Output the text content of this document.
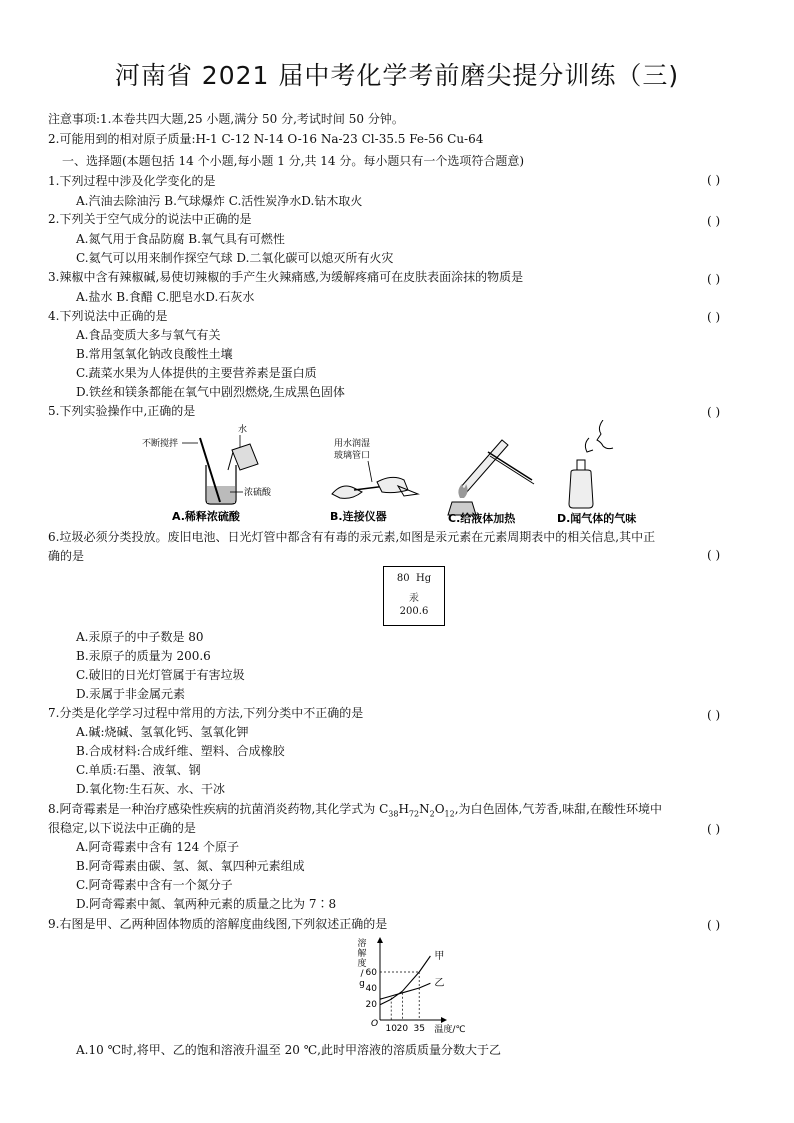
河南省 2021 届中考化学考前磨尖提分训练（三)
注意事项:1.本卷共四大题,25 小题,满分 50 分,考试时间 50 分钟。
2.可能用到的相对原子质量:H-1 C-12 N-14 O-16 Na-23 Cl-35.5 Fe-56 Cu-64
一、选择题(本题包括 14 个小题,每小题 1 分,共 14 分。每小题只有一个选项符合题意)
1.下列过程中涉及化学变化的是	( )
A.汽油去除油污 B.气球爆炸 C.活性炭净水D.钻木取火
2.下列关于空气成分的说法中正确的是	( )
A.氮气用于食品防腐 B.氧气具有可燃性
C.氦气可以用来制作探空气球 D.二氧化碳可以熄灭所有火灾
3.辣椒中含有辣椒碱,易使切辣椒的手产生火辣痛感,为缓解疼痛可在皮肤表面涂抹的物质是	( )
A.盐水 B.食醋 C.肥皂水D.石灰水
4.下列说法中正确的是	( )
A.食品变质大多与氧气有关
B.常用氢氧化钠改良酸性土壤
C.蔬菜水果为人体提供的主要营养素是蛋白质
D.铁丝和镁条都能在氧气中剧烈燃烧,生成黑色固体
5.下列实验操作中,正确的是	( )
不断搅拌
水
浓硫酸
A.稀释浓硫酸
用水润湿
玻璃管口
B.连接仪器	C.给液体加热	D.闻气体的气味
6.垃圾必须分类投放。废旧电池、日光灯管中都含有有毒的汞元素,如图是汞元素在元素周期表中的相关信息,其中正
确的是	( )
80 Hg
汞
200.6
A.汞原子的中子数是 80
B.汞原子的质量为 200.6
C.破旧的日光灯管属于有害垃圾
D.汞属于非金属元素
7.分类是化学学习过程中常用的方法,下列分类中不正确的是	( )
A.碱:烧碱、氢氧化钙、氢氧化钾
B.合成材料:合成纤维、塑料、合成橡胶
C.单质:石墨、液氧、钢
D.氧化物:生石灰、水、干冰
8.阿奇霉素是一种治疗感染性疾病的抗菌消炎药物,其化学式为 $C_{38}H_{72}N_2O_{12}$,为白色固体,气芳香,味甜,在酸性环境中
很稳定,以下说法中正确的是	( )
A.阿奇霉素中含有 124 个原子
B.阿奇霉素由碳、氢、氮、氧四种元素组成
C.阿奇霉素中含有一个氮分子
D.阿奇霉素中氮、氧两种元素的质量之比为 7∶8
9.右图是甲、乙两种固体物质的溶解度曲线图,下列叙述正确的是	( )
溶
解
度
/
g
温度/℃
O
60
40
20
10 20 35
甲
乙
A.10 ℃时,将甲、乙的饱和溶液升温至 20 ℃,此时甲溶液的溶质质量分数大于乙
